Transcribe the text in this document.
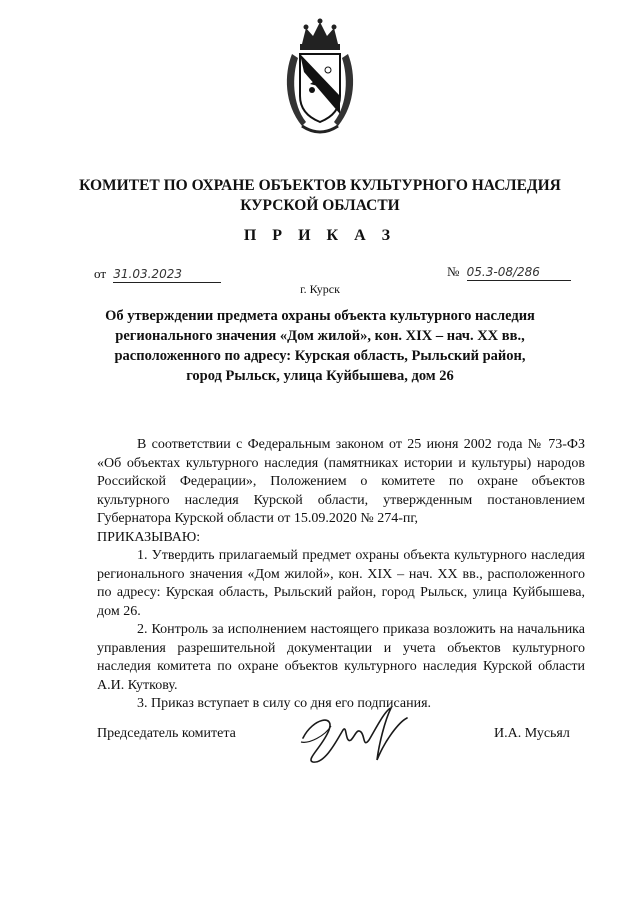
КОМИТЕТ ПО ОХРАНЕ ОБЪЕКТОВ КУЛЬТУРНОГО НАСЛЕДИЯ
КУРСКОЙ ОБЛАСТИ
П Р И К А З
от 31.03.2023	№ 05.3-08/286
г. Курск
Об утверждении предмета охраны объекта культурного наследия
регионального значения «Дом жилой», кон. XIX – нач. XX вв.,
расположенного по адресу: Курская область, Рыльский район,
город Рыльск, улица Куйбышева, дом 26

В соответствии с Федеральным законом от 25 июня 2002 года № 73-ФЗ «Об объектах культурного наследия (памятниках истории и культуры) народов Российской Федерации», Положением о комитете по охране объектов культурного наследия Курской области, утвержденным постановлением Губернатора Курской области от 15.09.2020 № 274-пг,

ПРИКАЗЫВАЮ:

1. Утвердить прилагаемый предмет охраны объекта культурного наследия регионального значения «Дом жилой», кон. XIX – нач. XX вв., расположенного по адресу: Курская область, Рыльский район, город Рыльск, улица Куйбышева, дом 26.

2. Контроль за исполнением настоящего приказа возложить на начальника управления разрешительной документации и учета объектов культурного наследия комитета по охране объектов культурного наследия Курской области А.И. Куткову.

3. Приказ вступает в силу со дня его подписания.

Председатель комитета	И.А. Мусьял
